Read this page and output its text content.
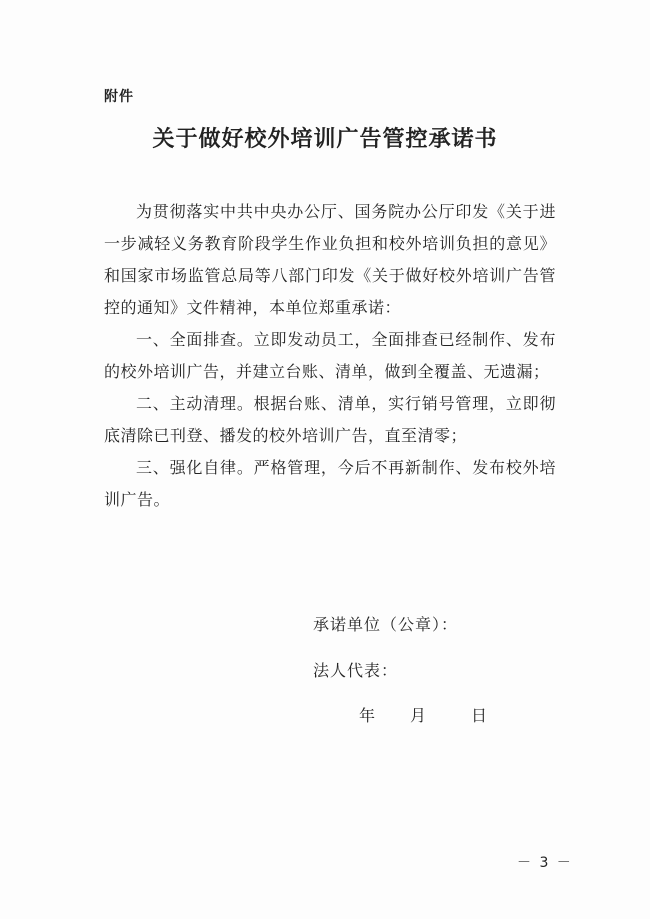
附件
关于做好校外培训广告管控承诺书

为贯彻落实中共中央办公厅、国务院办公厅印发《关于进一步减轻义务教育阶段学生作业负担和校外培训负担的意见》和国家市场监管总局等八部门印发《关于做好校外培训广告管控的通知》文件精神，本单位郑重承诺：

一、全面排查。立即发动员工，全面排查已经制作、发布的校外培训广告，并建立台账、清单，做到全覆盖、无遗漏；

二、主动清理。根据台账、清单，实行销号管理，立即彻底清除已刊登、播发的校外培训广告，直至清零；

三、强化自律。严格管理，今后不再新制作、发布校外培训广告。

承诺单位（公章）：
法人代表：
年 月	日
－ 3 －
